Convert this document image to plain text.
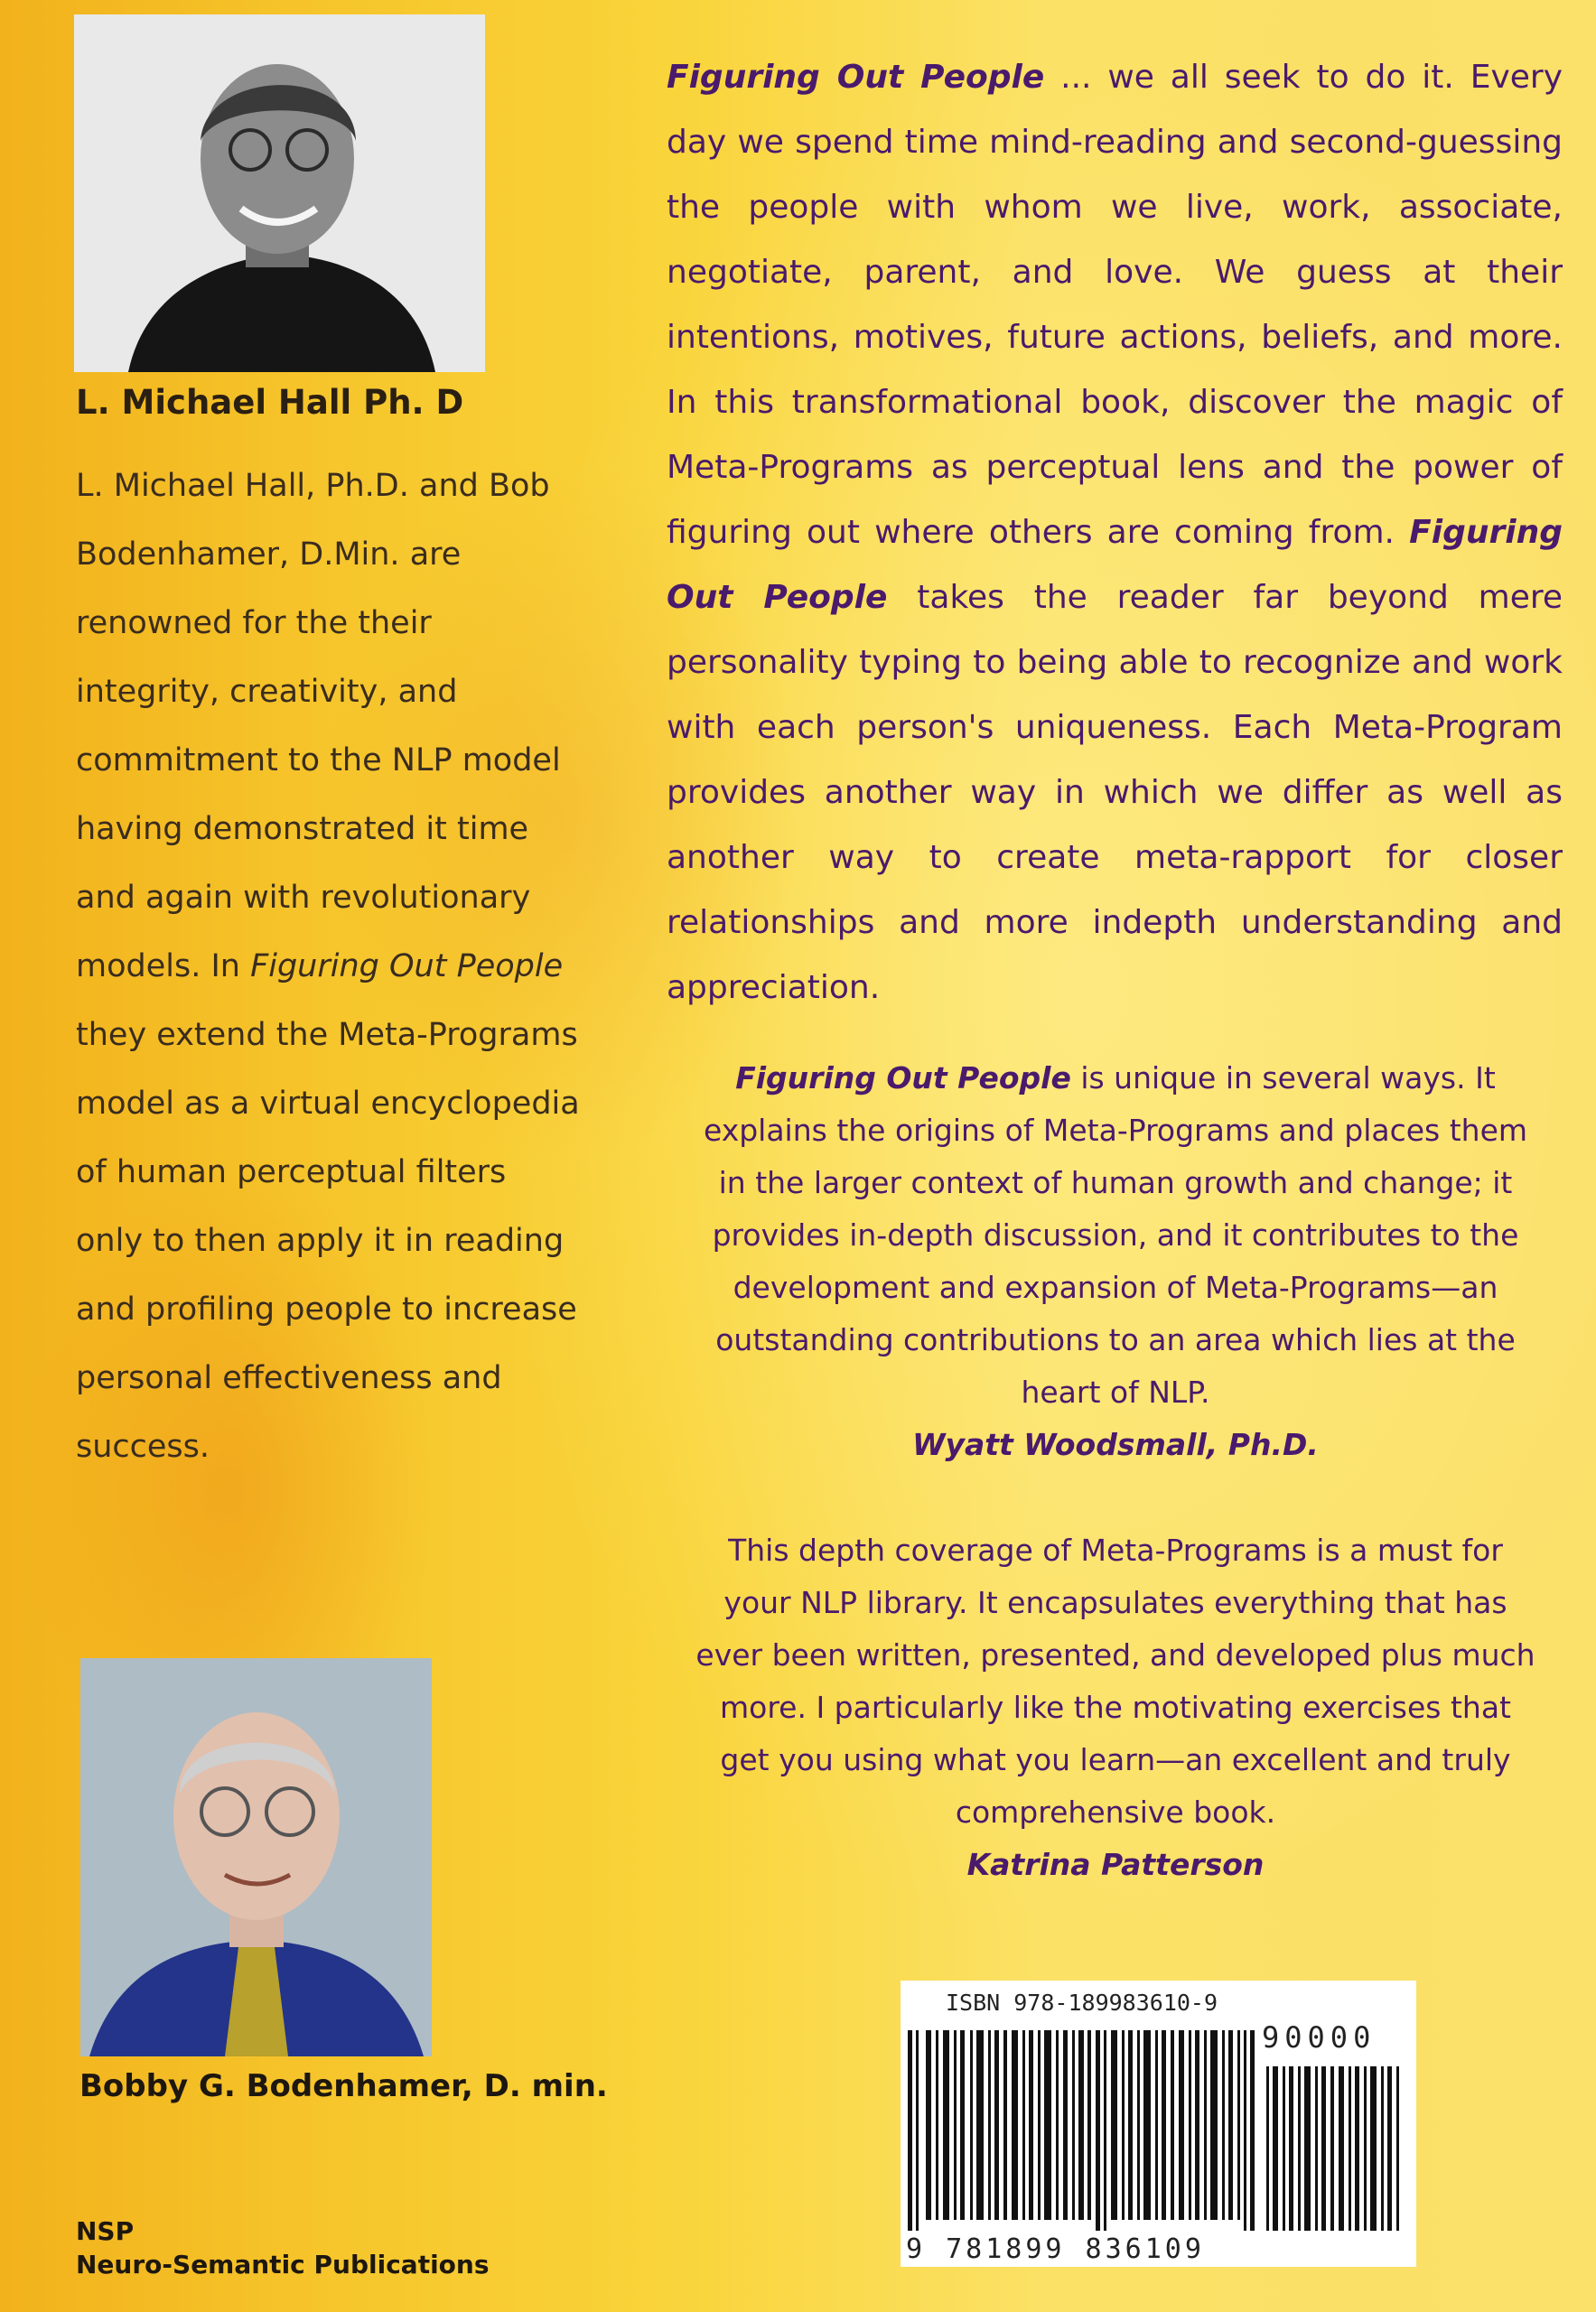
L. Michael Hall Ph. D
L. Michael Hall, Ph.D. and Bob Bodenhamer, D.Min. are renowned for the their integrity, creativity, and commitment to the NLP model having demonstrated it time and again with revolutionary models. In Figuring Out People they extend the Meta-Programs model as a virtual encyclopedia of human perceptual filters only to then apply it in reading and profiling people to increase personal effectiveness and success.
Bobby G. Bodenhamer, D. min.
NSP
Neuro-Semantic Publications
Figuring Out People ... we all seek to do it. Every day we spend time mind-reading and second-guessing the people with whom we live, work, associate, negotiate, parent, and love. We guess at their intentions, motives, future actions, beliefs, and more. In this transformational book, discover the magic of Meta-Programs as perceptual lens and the power of figuring out where others are coming from. Figuring Out People takes the reader far beyond mere personality typing to being able to recognize and work with each person's uniqueness. Each Meta-Program provides another way in which we differ as well as another way to create meta-rapport for closer relationships and more indepth understanding and appreciation.
Figuring Out People is unique in several ways. It explains the origins of Meta-Programs and places them in the larger context of human growth and change; it provides in-depth discussion, and it contributes to the development and expansion of Meta-Programs—an outstanding contributions to an area which lies at the heart of NLP.
Wyatt Woodsmall, Ph.D.
This depth coverage of Meta-Programs is a must for your NLP library. It encapsulates everything that has ever been written, presented, and developed plus much more. I particularly like the motivating exercises that get you using what you learn—an excellent and truly comprehensive book.
Katrina Patterson
ISBN 978-189983610-9
90000
9 781899 836109
